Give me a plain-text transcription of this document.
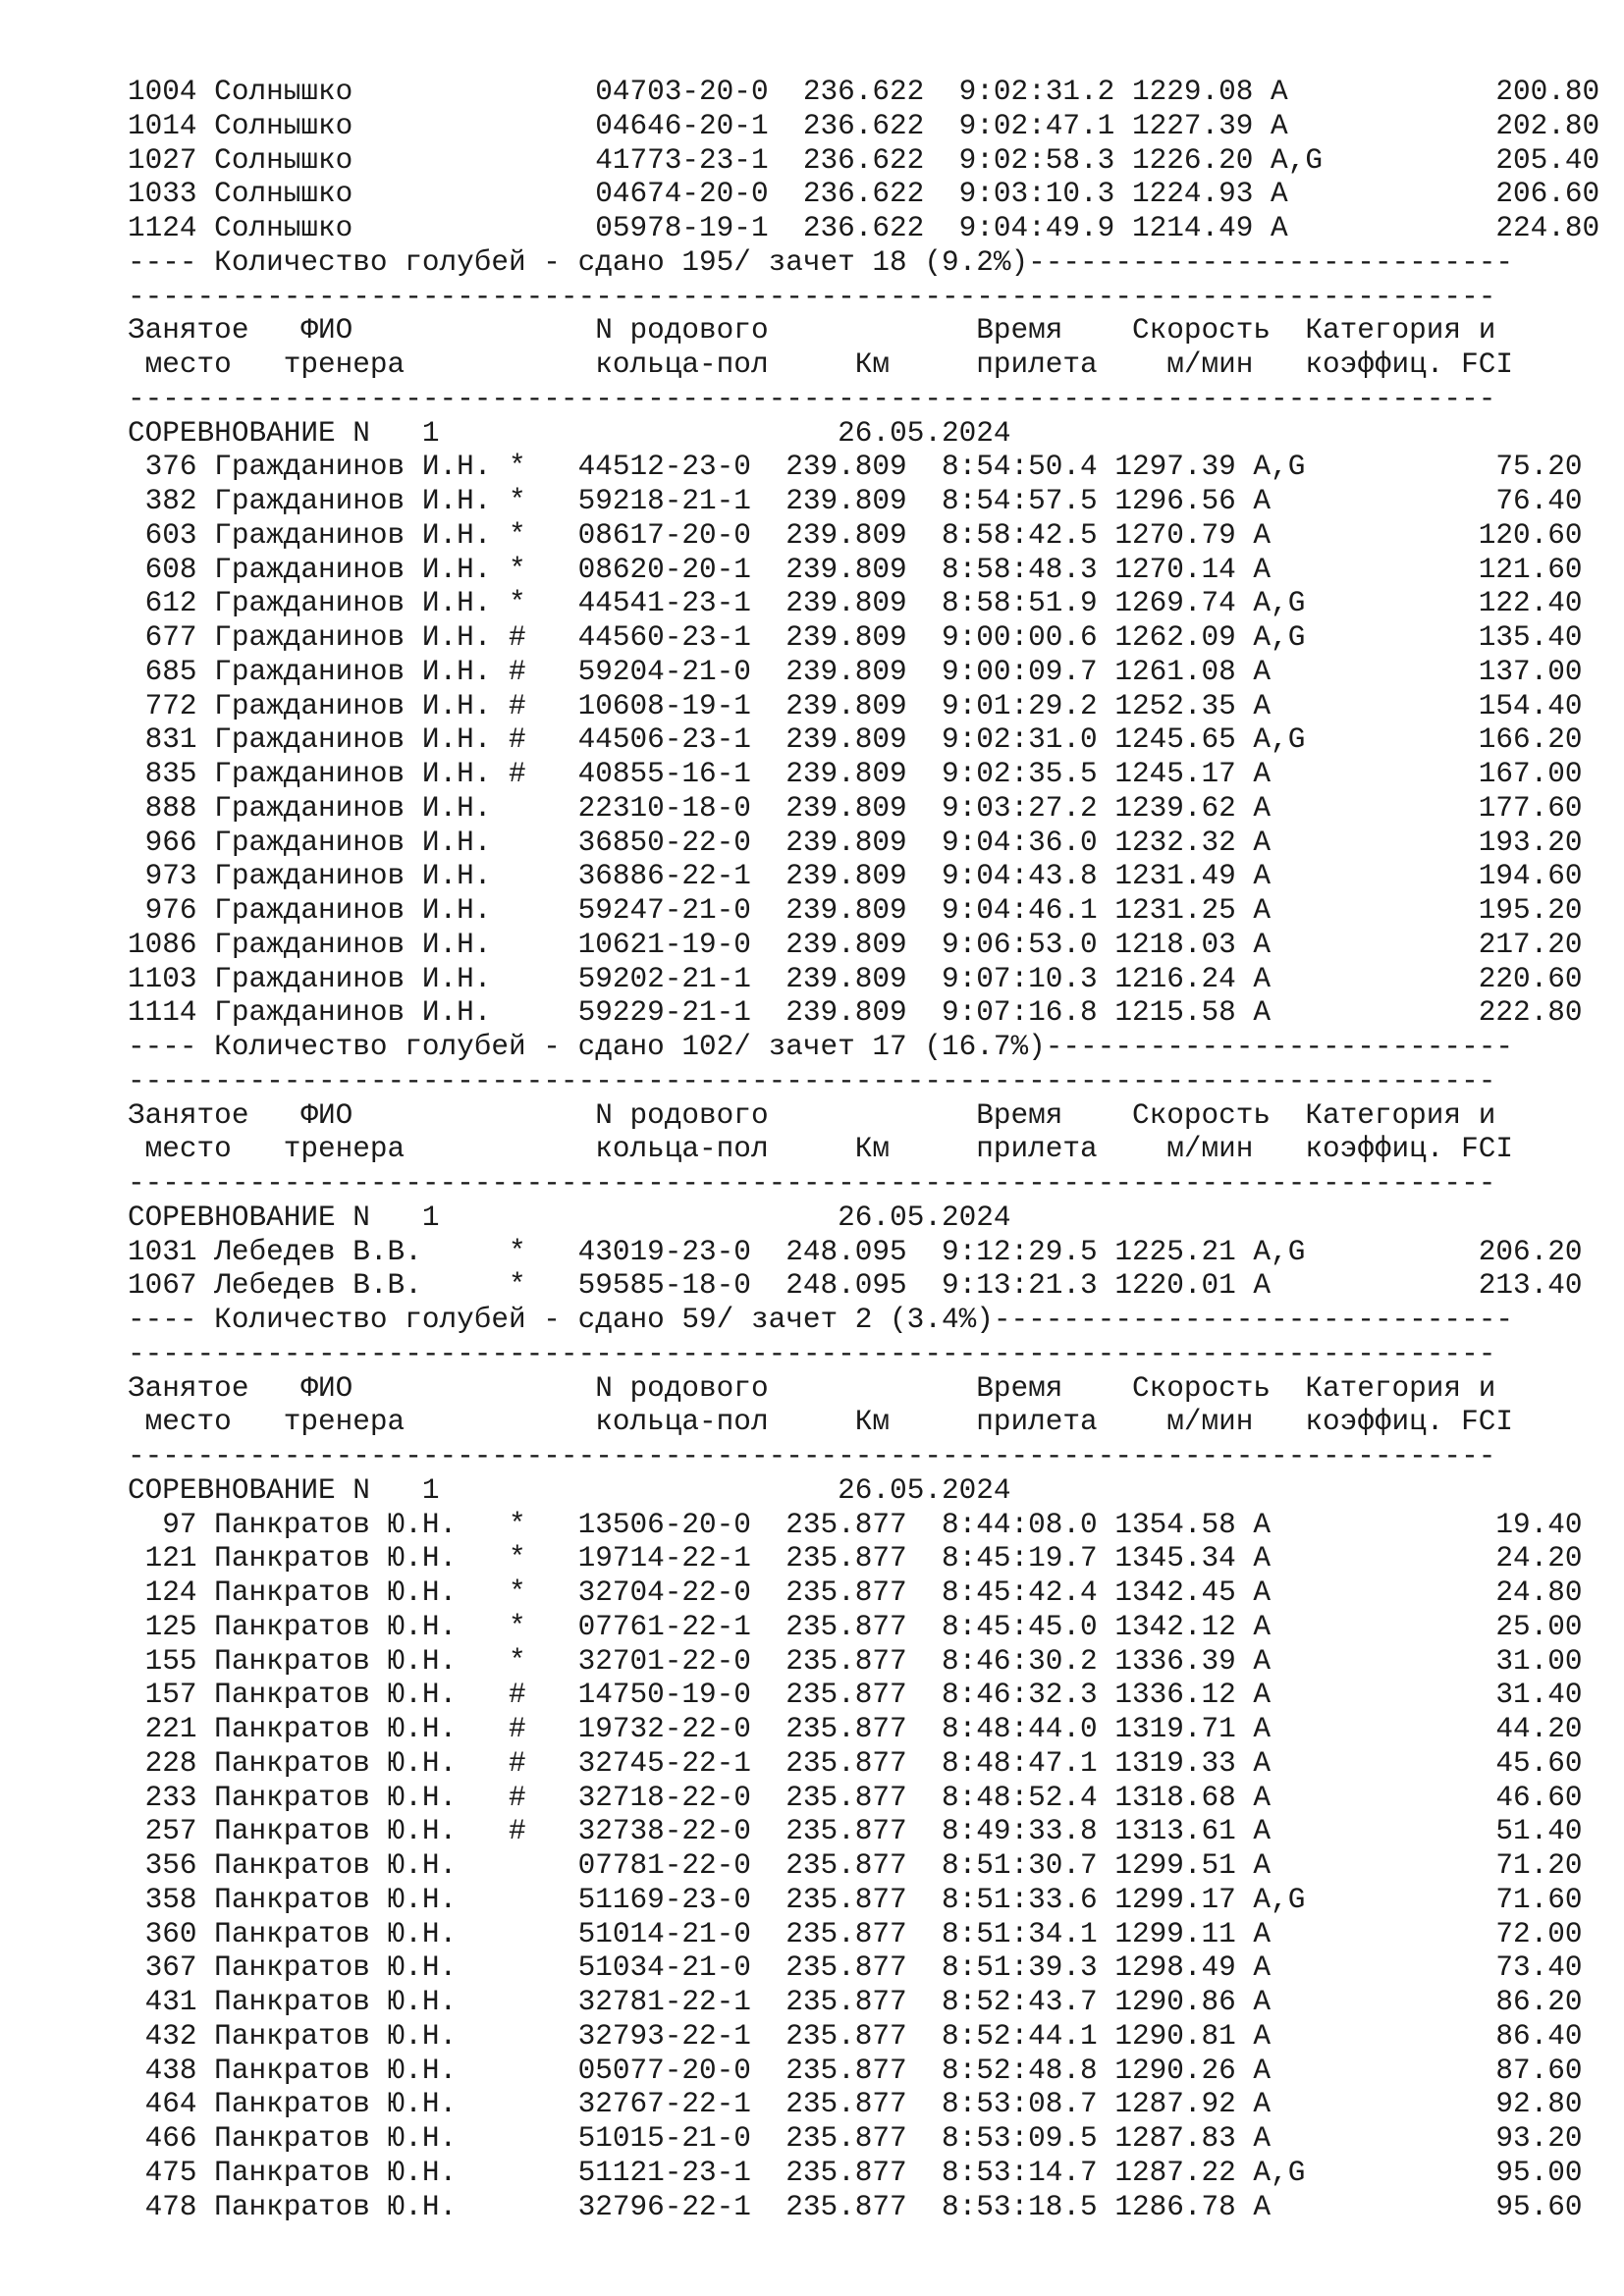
1004 Солнышко              04703-20-0  236.622  9:02:31.2 1229.08 A            200.80
1014 Солнышко              04646-20-1  236.622  9:02:47.1 1227.39 A            202.80
1027 Солнышко              41773-23-1  236.622  9:02:58.3 1226.20 A,G          205.40
1033 Солнышко              04674-20-0  236.622  9:03:10.3 1224.93 A            206.60
1124 Солнышко              05978-19-1  236.622  9:04:49.9 1214.49 A            224.80
---- Количество голубей - сдано 195/ зачет 18 (9.2%)----------------------------
-------------------------------------------------------------------------------
Занятое   ФИО              N родового            Время    Скорость  Категория и
место   тренера           кольца-пол     Км     прилета    м/мин   коэффиц. FCI
-------------------------------------------------------------------------------
СОРЕВНОВАНИЕ N   1	26.05.2024
376 Гражданинов И.Н. *   44512-23-0  239.809  8:54:50.4 1297.39 A,G           75.20
382 Гражданинов И.Н. *   59218-21-1  239.809  8:54:57.5 1296.56 A             76.40
603 Гражданинов И.Н. *   08617-20-0  239.809  8:58:42.5 1270.79 A            120.60
608 Гражданинов И.Н. *   08620-20-1  239.809  8:58:48.3 1270.14 A            121.60
612 Гражданинов И.Н. *   44541-23-1  239.809  8:58:51.9 1269.74 A,G          122.40
677 Гражданинов И.Н. #   44560-23-1  239.809  9:00:00.6 1262.09 A,G          135.40
685 Гражданинов И.Н. #   59204-21-0  239.809  9:00:09.7 1261.08 A            137.00
772 Гражданинов И.Н. #   10608-19-1  239.809  9:01:29.2 1252.35 A            154.40
831 Гражданинов И.Н. #   44506-23-1  239.809  9:02:31.0 1245.65 A,G          166.20
835 Гражданинов И.Н. #   40855-16-1  239.809  9:02:35.5 1245.17 A            167.00
888 Гражданинов И.Н.     22310-18-0  239.809  9:03:27.2 1239.62 A            177.60
966 Гражданинов И.Н.     36850-22-0  239.809  9:04:36.0 1232.32 A            193.20
973 Гражданинов И.Н.     36886-22-1  239.809  9:04:43.8 1231.49 A            194.60
976 Гражданинов И.Н.     59247-21-0  239.809  9:04:46.1 1231.25 A            195.20
1086 Гражданинов И.Н.     10621-19-0  239.809  9:06:53.0 1218.03 A            217.20
1103 Гражданинов И.Н.     59202-21-1  239.809  9:07:10.3 1216.24 A            220.60
1114 Гражданинов И.Н.     59229-21-1  239.809  9:07:16.8 1215.58 A            222.80
---- Количество голубей - сдано 102/ зачет 17 (16.7%)---------------------------
-------------------------------------------------------------------------------
Занятое   ФИО              N родового            Время    Скорость  Категория и
место   тренера           кольца-пол     Км     прилета    м/мин   коэффиц. FCI
-------------------------------------------------------------------------------
СОРЕВНОВАНИЕ N   1	26.05.2024
1031 Лебедев В.В.     *   43019-23-0  248.095  9:12:29.5 1225.21 A,G          206.20
1067 Лебедев В.В.     *   59585-18-0  248.095  9:13:21.3 1220.01 A            213.40
---- Количество голубей - сдано 59/ зачет 2 (3.4%)------------------------------
-------------------------------------------------------------------------------
Занятое   ФИО              N родового            Время    Скорость  Категория и
место   тренера           кольца-пол     Км     прилета    м/мин   коэффиц. FCI
-------------------------------------------------------------------------------
СОРЕВНОВАНИЕ N   1	26.05.2024
97 Панкратов Ю.Н.   *   13506-20-0  235.877  8:44:08.0 1354.58 A             19.40
121 Панкратов Ю.Н.   *   19714-22-1  235.877  8:45:19.7 1345.34 A             24.20
124 Панкратов Ю.Н.   *   32704-22-0  235.877  8:45:42.4 1342.45 A             24.80
125 Панкратов Ю.Н.   *   07761-22-1  235.877  8:45:45.0 1342.12 A             25.00
155 Панкратов Ю.Н.   *   32701-22-0  235.877  8:46:30.2 1336.39 A             31.00
157 Панкратов Ю.Н.   #   14750-19-0  235.877  8:46:32.3 1336.12 A             31.40
221 Панкратов Ю.Н.   #   19732-22-0  235.877  8:48:44.0 1319.71 A             44.20
228 Панкратов Ю.Н.   #   32745-22-1  235.877  8:48:47.1 1319.33 A             45.60
233 Панкратов Ю.Н.   #   32718-22-0  235.877  8:48:52.4 1318.68 A             46.60
257 Панкратов Ю.Н.   #   32738-22-0  235.877  8:49:33.8 1313.61 A             51.40
356 Панкратов Ю.Н.       07781-22-0  235.877  8:51:30.7 1299.51 A             71.20
358 Панкратов Ю.Н.       51169-23-0  235.877  8:51:33.6 1299.17 A,G           71.60
360 Панкратов Ю.Н.       51014-21-0  235.877  8:51:34.1 1299.11 A             72.00
367 Панкратов Ю.Н.       51034-21-0  235.877  8:51:39.3 1298.49 A             73.40
431 Панкратов Ю.Н.       32781-22-1  235.877  8:52:43.7 1290.86 A             86.20
432 Панкратов Ю.Н.       32793-22-1  235.877  8:52:44.1 1290.81 A             86.40
438 Панкратов Ю.Н.       05077-20-0  235.877  8:52:48.8 1290.26 A             87.60
464 Панкратов Ю.Н.       32767-22-1  235.877  8:53:08.7 1287.92 A             92.80
466 Панкратов Ю.Н.       51015-21-0  235.877  8:53:09.5 1287.83 A             93.20
475 Панкратов Ю.Н.       51121-23-1  235.877  8:53:14.7 1287.22 A,G           95.00
478 Панкратов Ю.Н.       32796-22-1  235.877  8:53:18.5 1286.78 A             95.60
